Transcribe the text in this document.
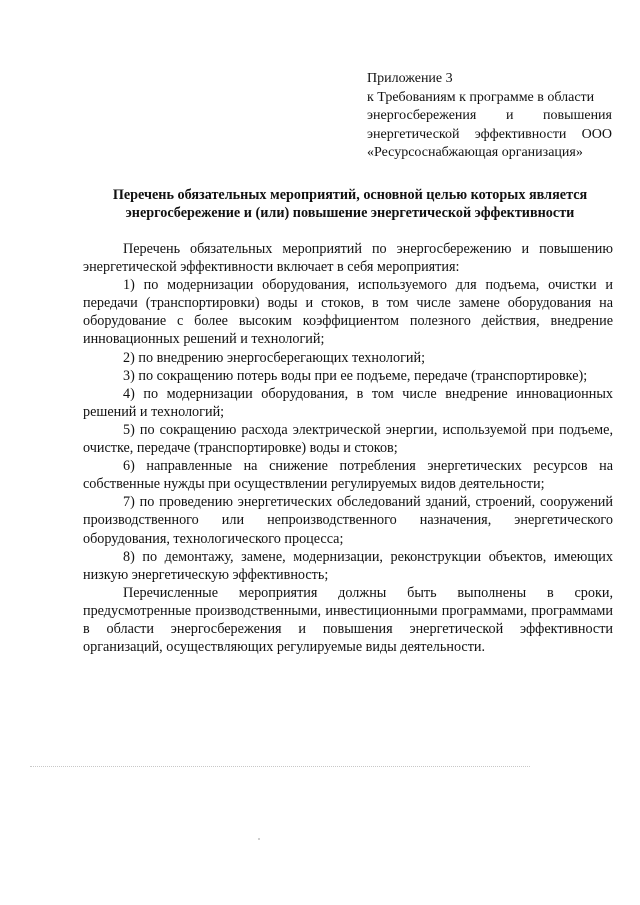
Приложение 3
к Требованиям к программе в области
энергосбережения и повышения
энергетической эффективности ООО
«Ресурсоснабжающая организация»
Перечень обязательных мероприятий, основной целью которых является
энергосбережение и (или) повышение энергетической эффективности

Перечень обязательных мероприятий по энергосбережению и повышению энергетической эффективности включает в себя мероприятия:

1) по модернизации оборудования, используемого для подъема, очистки и передачи (транспортировки) воды и стоков, в том числе замене оборудования на оборудование с более высоким коэффициентом полезного действия, внедрение инновационных решений и технологий;

2) по внедрению энергосберегающих технологий;

3) по сокращению потерь воды при ее подъеме, передаче (транспортировке);

4) по модернизации оборудования, в том числе внедрение инновационных решений и технологий;

5) по сокращению расхода электрической энергии, используемой при подъеме, очистке, передаче (транспортировке) воды и стоков;

6) направленные на снижение потребления энергетических ресурсов на собственные нужды при осуществлении регулируемых видов деятельности;

7) по проведению энергетических обследований зданий, строений, сооружений производственного или непроизводственного назначения, энергетического оборудования, технологического процесса;

8) по демонтажу, замене, модернизации, реконструкции объектов, имеющих низкую энергетическую эффективность;

Перечисленные мероприятия должны быть выполнены в сроки, предусмотренные производственными, инвестиционными программами, программами в области энергосбережения и повышения энергетической эффективности организаций, осуществляющих регулируемые виды деятельности.
